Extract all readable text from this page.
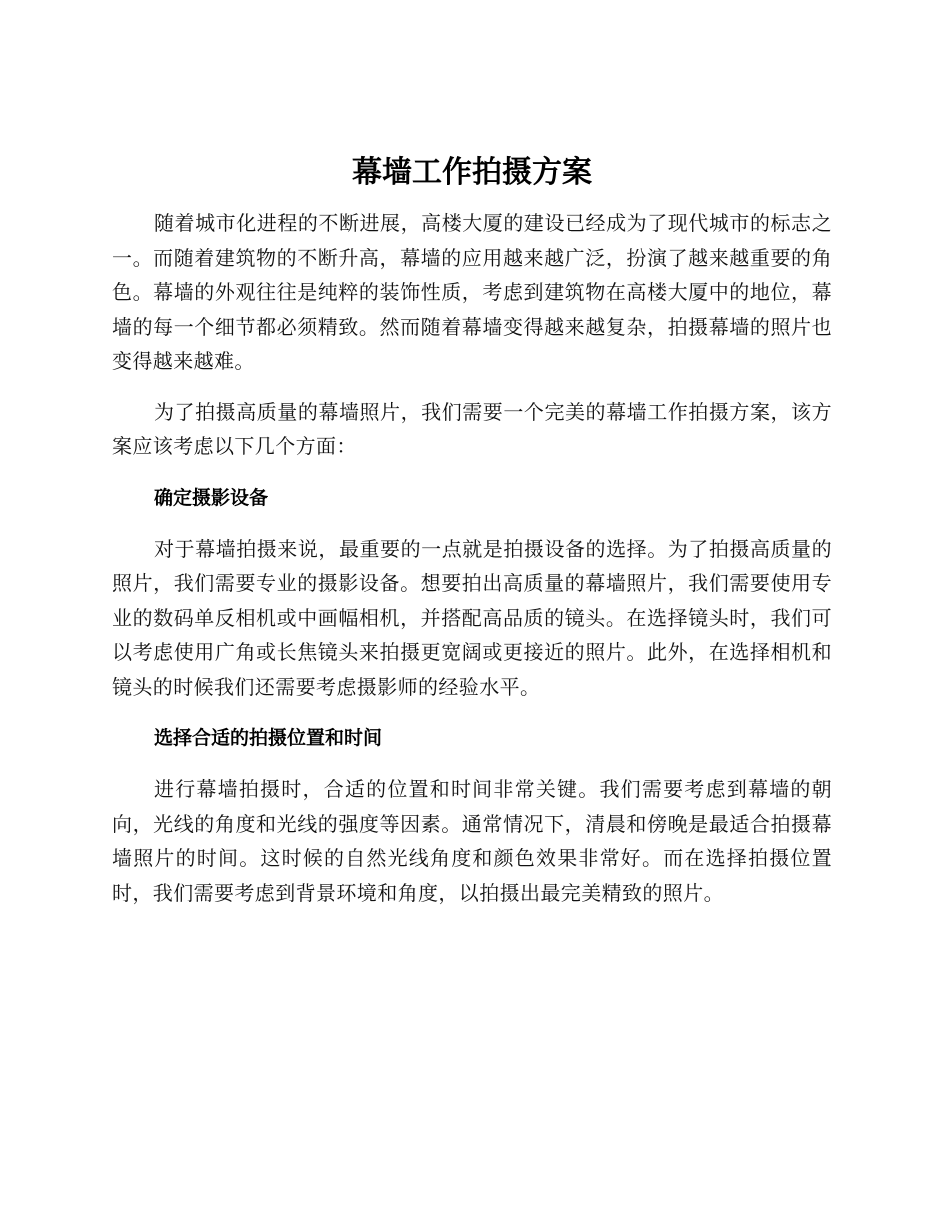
幕墙工作拍摄方案

随着城市化进程的不断进展，高楼大厦的建设已经成为了现代城市的标志之一。而随着建筑物的不断升高，幕墙的应用越来越广泛，扮演了越来越重要的角色。幕墙的外观往往是纯粹的装饰性质，考虑到建筑物在高楼大厦中的地位，幕墙的每一个细节都必须精致。然而随着幕墙变得越来越复杂，拍摄幕墙的照片也变得越来越难。

为了拍摄高质量的幕墙照片，我们需要一个完美的幕墙工作拍摄方案，该方案应该考虑以下几个方面：

确定摄影设备

对于幕墙拍摄来说，最重要的一点就是拍摄设备的选择。为了拍摄高质量的照片，我们需要专业的摄影设备。想要拍出高质量的幕墙照片，我们需要使用专业的数码单反相机或中画幅相机，并搭配高品质的镜头。在选择镜头时，我们可以考虑使用广角或长焦镜头来拍摄更宽阔或更接近的照片。此外，在选择相机和镜头的时候我们还需要考虑摄影师的经验水平。

选择合适的拍摄位置和时间

进行幕墙拍摄时，合适的位置和时间非常关键。我们需要考虑到幕墙的朝向，光线的角度和光线的强度等因素。通常情况下，清晨和傍晚是最适合拍摄幕墙照片的时间。这时候的自然光线角度和颜色效果非常好。而在选择拍摄位置时，我们需要考虑到背景环境和角度，以拍摄出最完美精致的照片。
